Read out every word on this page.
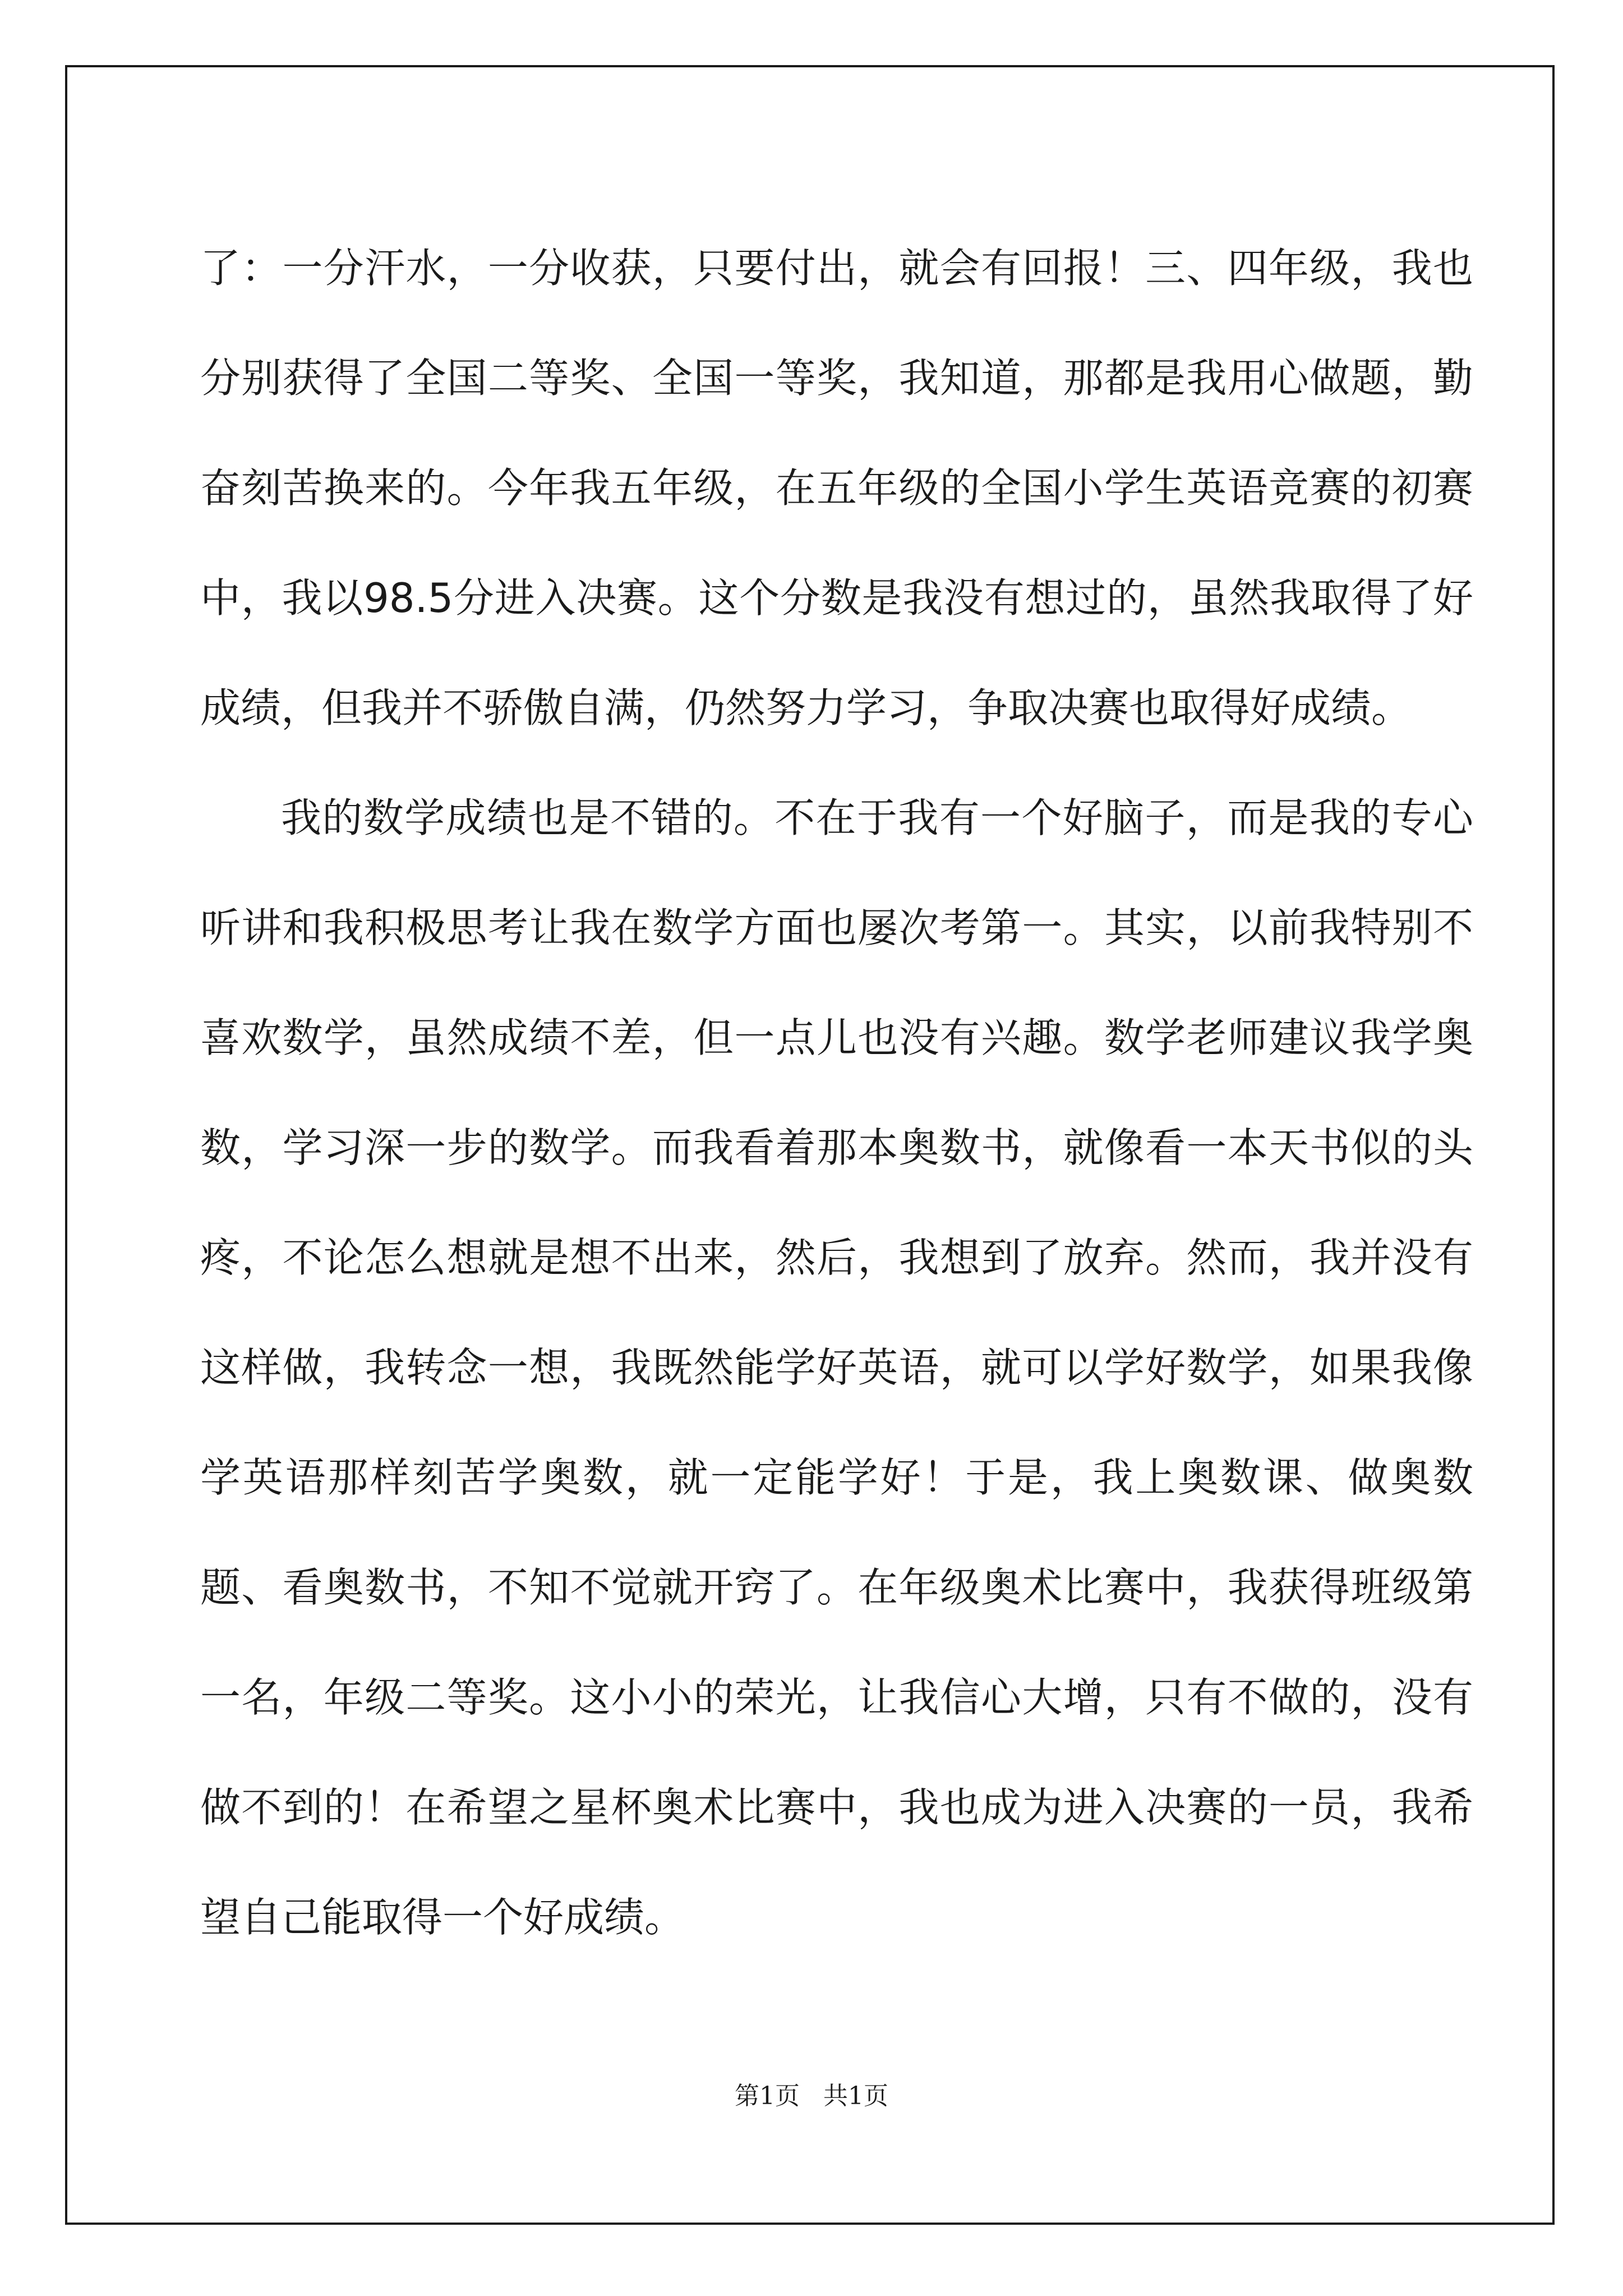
了：一分汗水，一分收获，只要付出，就会有回报！三、四年级，我也分别获得了全国二等奖、全国一等奖，我知道，那都是我用心做题，勤奋刻苦换来的。今年我五年级，在五年级的全国小学生英语竞赛的初赛中，我以98.5分进入决赛。这个分数是我没有想过的，虽然我取得了好成绩，但我并不骄傲自满，仍然努力学习，争取决赛也取得好成绩。

我的数学成绩也是不错的。不在于我有一个好脑子，而是我的专心听讲和我积极思考让我在数学方面也屡次考第一。其实，以前我特别不喜欢数学，虽然成绩不差，但一点儿也没有兴趣。数学老师建议我学奥数，学习深一步的数学。而我看着那本奥数书，就像看一本天书似的头疼，不论怎么想就是想不出来，然后，我想到了放弃。然而，我并没有这样做，我转念一想，我既然能学好英语，就可以学好数学，如果我像学英语那样刻苦学奥数，就一定能学好！于是，我上奥数课、做奥数题、看奥数书，不知不觉就开窍了。在年级奥术比赛中，我获得班级第一名，年级二等奖。这小小的荣光，让我信心大增，只有不做的，没有做不到的！在希望之星杯奥术比赛中，我也成为进入决赛的一员，我希望自己能取得一个好成绩。

第1页   共1页
